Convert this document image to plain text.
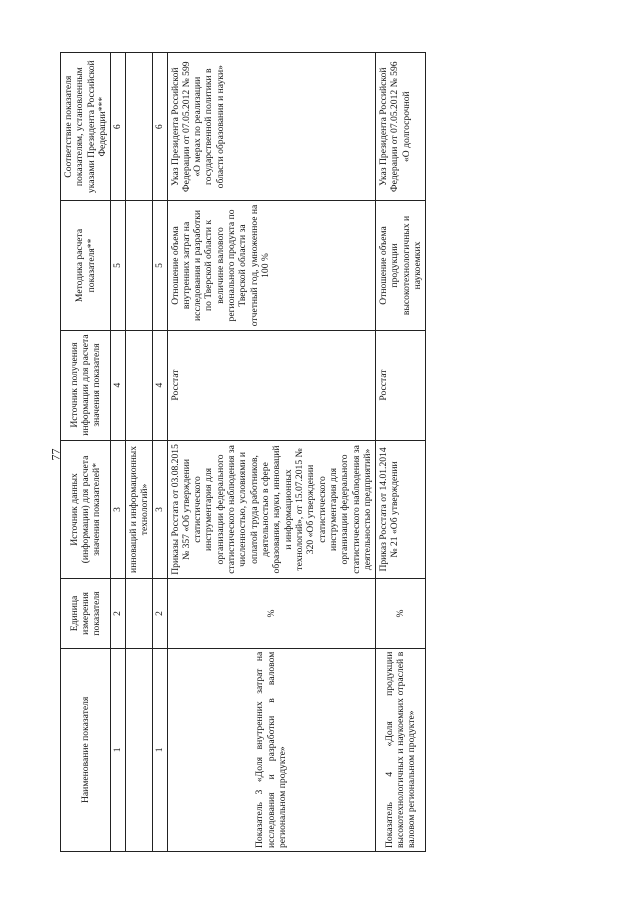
77
Наименование показателя	Единица измерения показателя	Источник данных (информации) для расчета значения показателей*	Источник получения информации для расчета значения показателя	Методика расчета показателя**	Соответствие показателя показателям, установленным указами Президента Российской Федерации***
1	2	3	4	5	6
		инноваций и информационных технологий»			
1	2	3	4	5	6
Показатель 3 «Доля внутренних затрат на исследования и разработки в валовом региональном продукте»	%	Приказы Росстата от 03.08.2015 № 357 «Об утверждении статистического инструментария для организации федерального статистического наблюдения за численностью, условиями и оплатой труда работников, деятельностью в сфере образования, науки, инноваций и информационных технологий», от 15.07.2015 № 320 «Об утверждении статистического инструментария для организации федерального статистического наблюдения за деятельностью предприятий»	Росстат	Отношение объема внутренних затрат на исследования и разработки по Тверской области к величине валового регионального продукта по Тверской области за отчетный год, умноженное на 100 %	Указ Президента Российской Федерации от 07.05.2012 № 599 «О мерах по реализации государственной политики в области образования и науки»
Показатель 4 «Доля продукции высокотехнологичных и наукоемких отраслей в валовом региональном продукте»	%	Приказ Росстата от 14.01.2014 № 21 «Об утверждении	Росстат	Отношение объема продукции высокотехнологичных и наукоемких	Указ Президента Российской Федерации от 07.05.2012 № 596 «О долгосрочной
